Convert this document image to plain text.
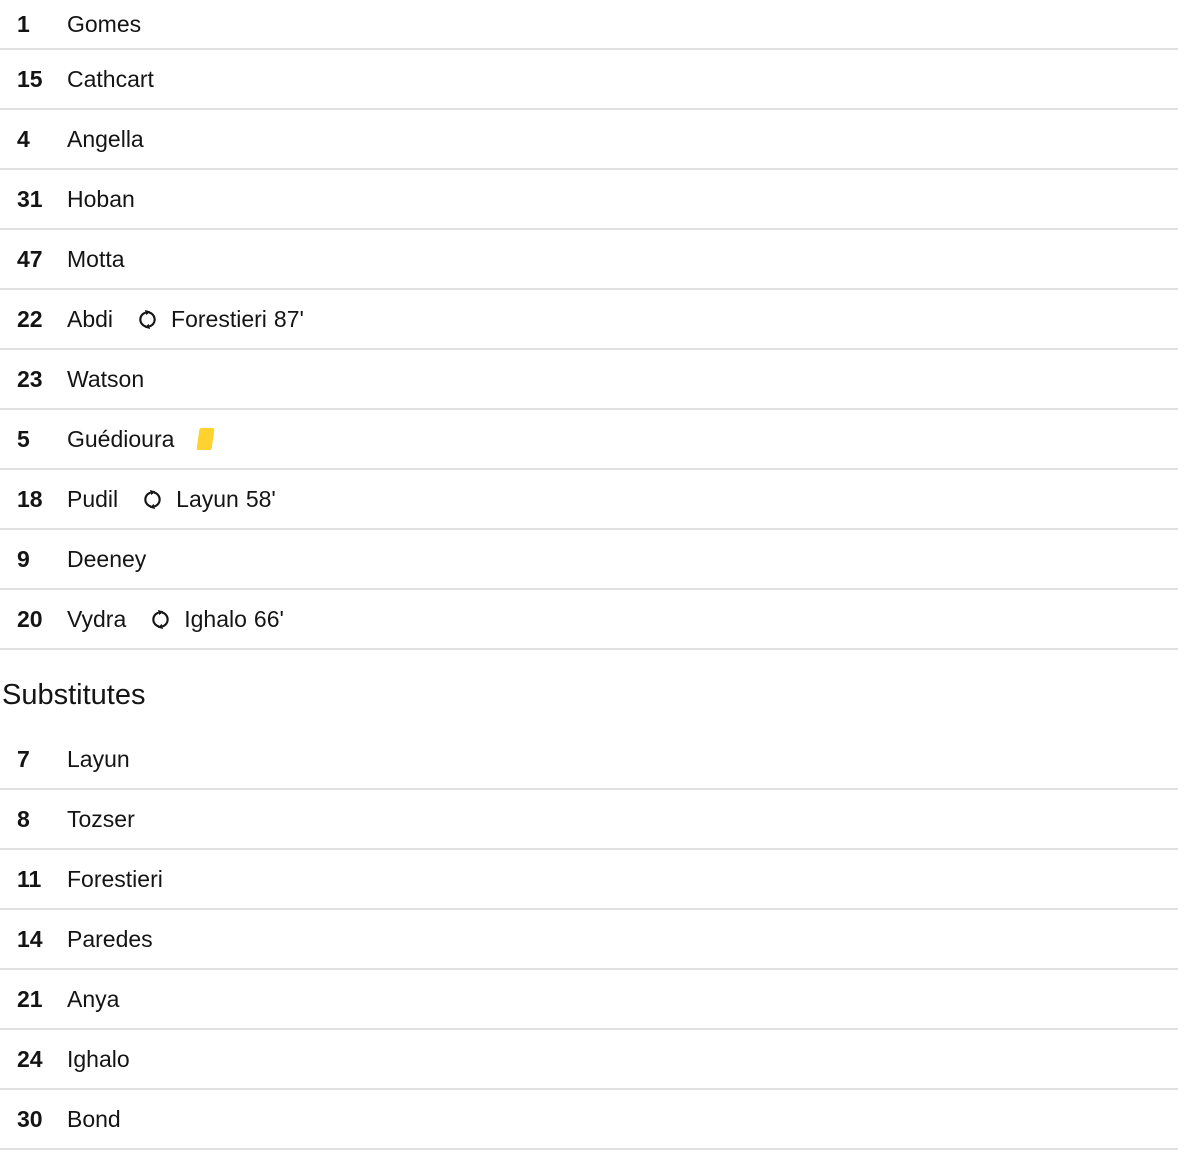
1	Gomes
15	Cathcart
4	Angella
31	Hoban
47	Motta
22	Abdi	Forestieri 87'
23	Watson
5	Guédioura
18	Pudil	Layun 58'
9	Deeney
20	Vydra	Ighalo 66'
Substitutes
7	Layun
8	Tozser
11	Forestieri
14	Paredes
21	Anya
24	Ighalo
30	Bond
